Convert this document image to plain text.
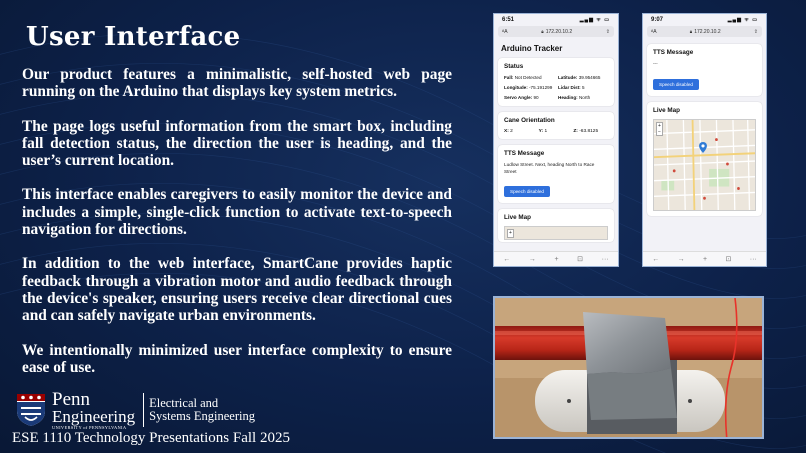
User Interface

Our product features a minimalistic, self-hosted web page running on the Arduino that displays key system metrics.

The page logs useful information from the smart box, including fall detection status, the direction the user is heading, and the user’s current location.

This interface enables caregivers to easily monitor the device and includes a simple, single-click function to activate text-to-speech navigation for directions.

In addition to the web interface, SmartCane provides haptic feedback through a vibration motor and audio feedback through the device's speaker, ensuring users receive clear directional cues and can safely navigate urban environments.

We intentionally minimized user interface complexity to ensure ease of use.

Penn
Engineering
UNIVERSITY of PENNSYLVANIA
Electrical and
Systems Engineering
ESE 1110 Technology Presentations Fall 2025
6:51	▂▄▆ ᯤ ▭
ᴬA	🔒︎ 172.20.10.2	⇪
Arduino Tracker
Status
Fall: Not Detected	Latitude: 39.954665
Longitude: -75.191299	Lidar Dist: 5
Servo Angle: 90	Heading: North
Cane Orientation
X: 2	Y: 1	Z: -63.8125
TTS Message
Ludlow Street. Next, heading North to Race Street
Speech disabled
Live Map
+
←	→	+	⊡	···
9:07	▂▄▆ ᯤ ▭
ᴬA	🔒︎ 172.20.10.2	⇪
TTS Message
---
Speech disabled
Live Map
+
−
←	→	+	⊡	···
